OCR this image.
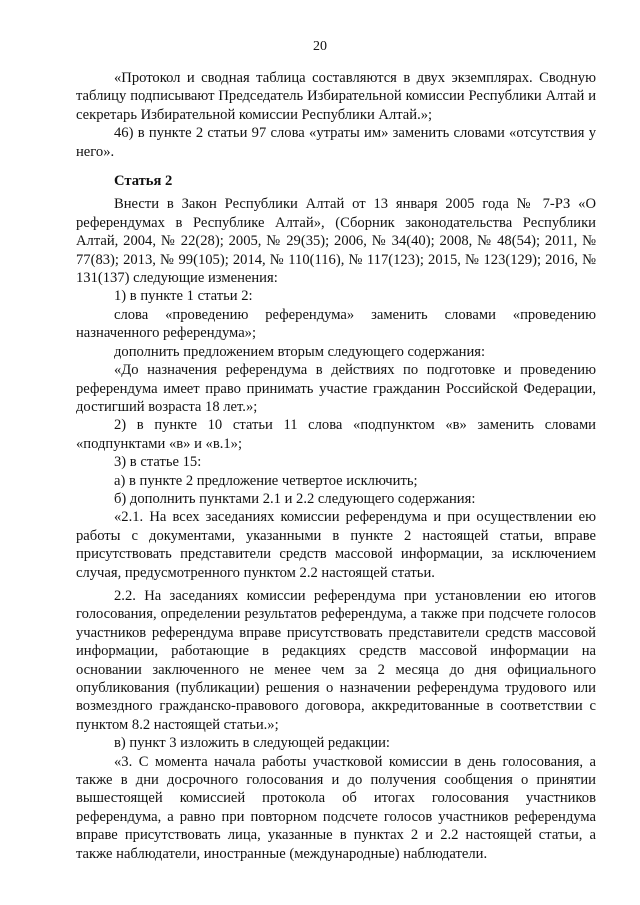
20

«Протокол и сводная таблица составляются в двух экземплярах. Сводную таблицу подписывают Председатель Избирательной комиссии Республики Алтай и секретарь Избирательной комиссии Республики Алтай.»;

46) в пункте 2 статьи 97 слова «утраты им» заменить словами «отсутствия у него».

Статья 2

Внести в Закон Республики Алтай от 13 января 2005 года № 7-РЗ «О референдумах в Республике Алтай», (Сборник законодательства Республики Алтай, 2004, № 22(28); 2005, № 29(35); 2006, № 34(40); 2008, № 48(54); 2011, № 77(83); 2013, № 99(105); 2014, № 110(116), № 117(123); 2015, № 123(129); 2016, № 131(137) следующие изменения:

1) в пункте 1 статьи 2:

слова «проведению референдума» заменить словами «проведению назначенного референдума»;

дополнить предложением вторым следующего содержания:

«До назначения референдума в действиях по подготовке и проведению референдума имеет право принимать участие гражданин Российской Федерации, достигший возраста 18 лет.»;

2) в пункте 10 статьи 11 слова «подпунктом «в» заменить словами «подпунктами «в» и «в.1»;

3) в статье 15:

а) в пункте 2 предложение четвертое исключить;

б) дополнить пунктами 2.1 и 2.2 следующего содержания:

«2.1. На всех заседаниях комиссии референдума и при осуществлении ею работы с документами, указанными в пункте 2 настоящей статьи, вправе присутствовать представители средств массовой информации, за исключением случая, предусмотренного пунктом 2.2 настоящей статьи.

2.2. На заседаниях комиссии референдума при установлении ею итогов голосования, определении результатов референдума, а также при подсчете голосов участников референдума вправе присутствовать представители средств массовой информации, работающие в редакциях средств массовой информации на основании заключенного не менее чем за 2 месяца до дня официального опубликования (публикации) решения о назначении референдума трудового или возмездного гражданско-правового договора, аккредитованные в соответствии с пунктом 8.2 настоящей статьи.»;

в) пункт 3 изложить в следующей редакции:

«3. С момента начала работы участковой комиссии в день голосования, а также в дни досрочного голосования и до получения сообщения о принятии вышестоящей комиссией протокола об итогах голосования участников референдума, а равно при повторном подсчете голосов участников референдума вправе присутствовать лица, указанные в пунктах 2 и 2.2 настоящей статьи, а также наблюдатели, иностранные (международные) наблюдатели.
